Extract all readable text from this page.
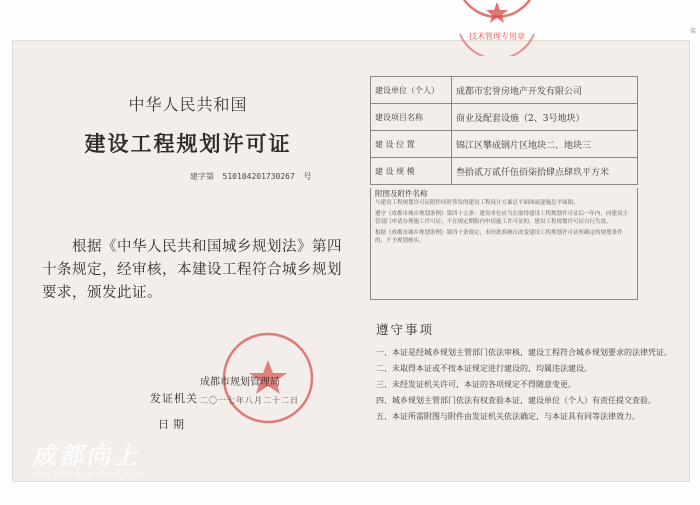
中华人民共和国
建设工程规划许可证
建字第 510104201730267 号
根据《中华人民共和国城乡规划法》第四十条规定，经审核，本建设工程符合城乡规划要求，颁发此证。
成都市规划管理局
发证机关 二〇一七年八月二十二日
日期
技术管理专用章
建设单位（个人）	成都市宏誉房地产开发有限公司
建设项目名称	商业及配套设施（2、3号地块）
建 设 位 置	锦江区攀成钢片区地块二、地块三
建 设 规 模	叁拾贰万贰仟伍佰柒拾肆点肆玖平方米
附图及附件名称

与建设工程规划许可证附件同时签发的建设工程设计方案总平面图或建施总平面图。

遵守《成都市城乡规划条例》第四十五条：建设单位应当在取得建设工程规划许可证后一年内，向建设主管部门申请办理施工许可证；不在规定期限内申请施工许可证的，建设工程规划许可证自行失效。

根据《成都市城乡规划条例》第四十条规定，未经批准擅自改变建设工程规划许可证所确定的规划条件的，不予规划核实。

遵守事项
一、本证是经城乡规划主管部门依法审核，建设工程符合城乡规划要求的法律凭证。
二、未取得本证或不按本证规定进行建设的，均属违法建设。
三、未经发证机关许可，本证的各项规定不得随意变更。
四、城乡规划主管部门依法有权查验本证，建设单位（个人）有责任提交查验。
五、本证所需附图与附件由发证机关依法确定，与本证具有同等法律效力。
成都向上
www.cdxiangshang.com
第
